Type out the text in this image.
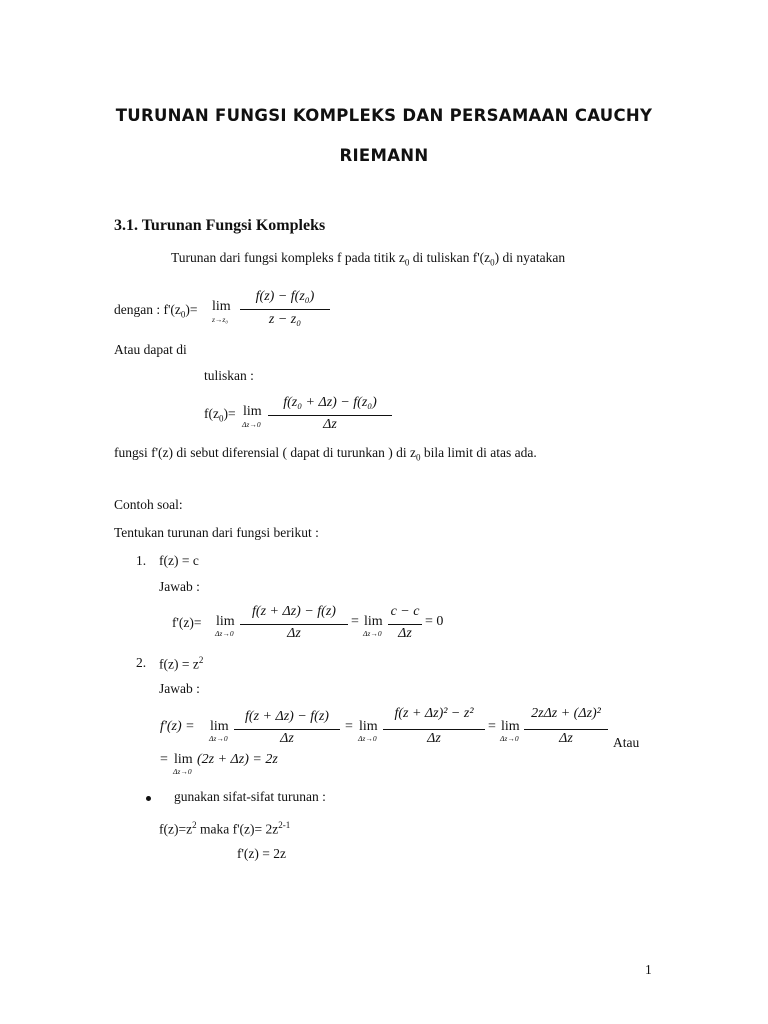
TURUNAN FUNGSI KOMPLEKS DAN PERSAMAAN CAUCHY
RIEMANN
3.1. Turunan Fungsi Kompleks
Turunan dari fungsi kompleks f pada titik $z_0$ di tuliskan $f'(z_0)$ di nyatakan
dengan : $f'(z_0)= \lim$
z→z₀
f(z) − f(z₀)
z − z₀
Atau dapat di
tuliskan :
$f(z_0)= \lim$
Δz→0
f(z₀ + Δz) − f(z₀)
Δz
fungsi f'(z) di sebut diferensial ( dapat di turunkan ) di $z_0$ bila limit di atas ada.
Contoh soal:
Tentukan turunan dari fungsi berikut :
1. f(z) = c
Jawab :
f'(z)= lim
Δz→0
f(z + Δz) − f(z)
Δz
= lim
Δz→0
c − c
Δz
= 0
2. $f(z) = z^2$
Jawab :
f'(z) = lim
Δz→0
f(z + Δz) − f(z)
Δz
= lim
Δz→0
f(z + Δz)² − z²
Δz
= lim
Δz→0
2zΔz + (Δz)²
Δz	Atau
= lim
Δz→0
(2z + Δz) = 2z
gunakan sifat-sifat turunan :
$f(z)=z^2$ maka $f'(z)= 2z^{2-1}$
f'(z) = 2z
1
